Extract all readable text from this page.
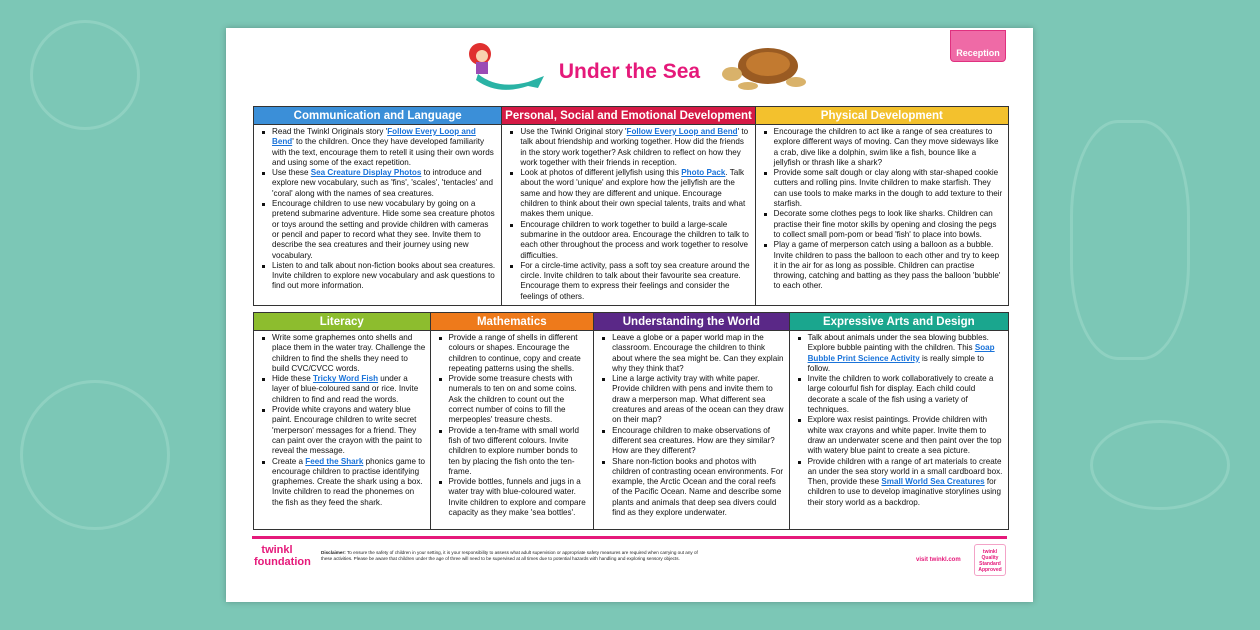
Under the Sea
Reception
Communication and Language
Read the Twinkl Originals story 'Follow Every Loop and Bend' to the children. Once they have developed familiarity with the text, encourage them to retell it using their own words and using some of the exact repetition.
Use these Sea Creature Display Photos to introduce and explore new vocabulary, such as 'fins', 'scales', 'tentacles' and 'coral' along with the names of sea creatures.
Encourage children to use new vocabulary by going on a pretend submarine adventure. Hide some sea creature photos or toys around the setting and provide children with cameras or pencil and paper to record what they see. Invite them to describe the sea creatures and their journey using new vocabulary.
Listen to and talk about non-fiction books about sea creatures. Invite children to explore new vocabulary and ask questions to find out more information.
Personal, Social and Emotional Development
Use the Twinkl Original story 'Follow Every Loop and Bend' to talk about friendship and working together. How did the friends in the story work together? Ask children to reflect on how they work together with their friends in reception.
Look at photos of different jellyfish using this Photo Pack. Talk about the word 'unique' and explore how the jellyfish are the same and how they are different and unique. Encourage children to think about their own special talents, traits and what makes them unique.
Encourage children to work together to build a large-scale submarine in the outdoor area. Encourage the children to talk to each other throughout the process and work together to resolve difficulties.
For a circle-time activity, pass a soft toy sea creature around the circle. Invite children to talk about their favourite sea creature. Encourage them to express their feelings and consider the feelings of others.
Physical Development
Encourage the children to act like a range of sea creatures to explore different ways of moving. Can they move sideways like a crab, dive like a dolphin, swim like a fish, bounce like a jellyfish or thrash like a shark?
Provide some salt dough or clay along with star-shaped cookie cutters and rolling pins. Invite children to make starfish. They can use tools to make marks in the dough to add texture to their starfish.
Decorate some clothes pegs to look like sharks. Children can practise their fine motor skills by opening and closing the pegs to collect small pom-pom or bead 'fish' to place into bowls.
Play a game of merperson catch using a balloon as a bubble. Invite children to pass the balloon to each other and try to keep it in the air for as long as possible. Children can practise throwing, catching and batting as they pass the balloon 'bubble' to each other.
Literacy
Write some graphemes onto shells and place them in the water tray. Challenge the children to find the shells they need to build CVC/CVCC words.
Hide these Tricky Word Fish under a layer of blue-coloured sand or rice. Invite children to find and read the words.
Provide white crayons and watery blue paint. Encourage children to write secret 'merperson' messages for a friend. They can paint over the crayon with the paint to reveal the message.
Create a Feed the Shark phonics game to encourage children to practise identifying graphemes. Create the shark using a box. Invite children to read the phonemes on the fish as they feed the shark.
Mathematics
Provide a range of shells in different colours or shapes. Encourage the children to continue, copy and create repeating patterns using the shells.
Provide some treasure chests with numerals to ten on and some coins. Ask the children to count out the correct number of coins to fill the merpeoples' treasure chests.
Provide a ten-frame with small world fish of two different colours. Invite children to explore number bonds to ten by placing the fish onto the ten-frame.
Provide bottles, funnels and jugs in a water tray with blue-coloured water. Invite children to explore and compare capacity as they make 'sea bottles'.
Understanding the World
Leave a globe or a paper world map in the classroom. Encourage the children to think about where the sea might be. Can they explain why they think that?
Line a large activity tray with white paper. Provide children with pens and invite them to draw a merperson map. What different sea creatures and areas of the ocean can they draw on their map?
Encourage children to make observations of different sea creatures. How are they similar? How are they different?
Share non-fiction books and photos with children of contrasting ocean environments. For example, the Arctic Ocean and the coral reefs of the Pacific Ocean. Name and describe some plants and animals that deep sea divers could find as they explore underwater.
Expressive Arts and Design
Talk about animals under the sea blowing bubbles. Explore bubble painting with the children. This Soap Bubble Print Science Activity is really simple to follow.
Invite the children to work collaboratively to create a large colourful fish for display. Each child could decorate a scale of the fish using a variety of techniques.
Explore wax resist paintings. Provide children with white wax crayons and white paper. Invite them to draw an underwater scene and then paint over the top with watery blue paint to create a sea picture.
Provide children with a range of art materials to create an under the sea story world in a small cardboard box. Then, provide these Small World Sea Creatures for children to use to develop imaginative storylines using their story world as a backdrop.
twinkl foundation
Disclaimer: To ensure the safety of children in your setting, it is your responsibility to assess what adult supervision or appropriate safety measures are required when carrying out any of these activities. Please be aware that children under the age of three will need to be supervised at all times due to potential hazards with handling and exploring sensory objects.	visit twinkl.com
twinkl Quality Standard Approved
